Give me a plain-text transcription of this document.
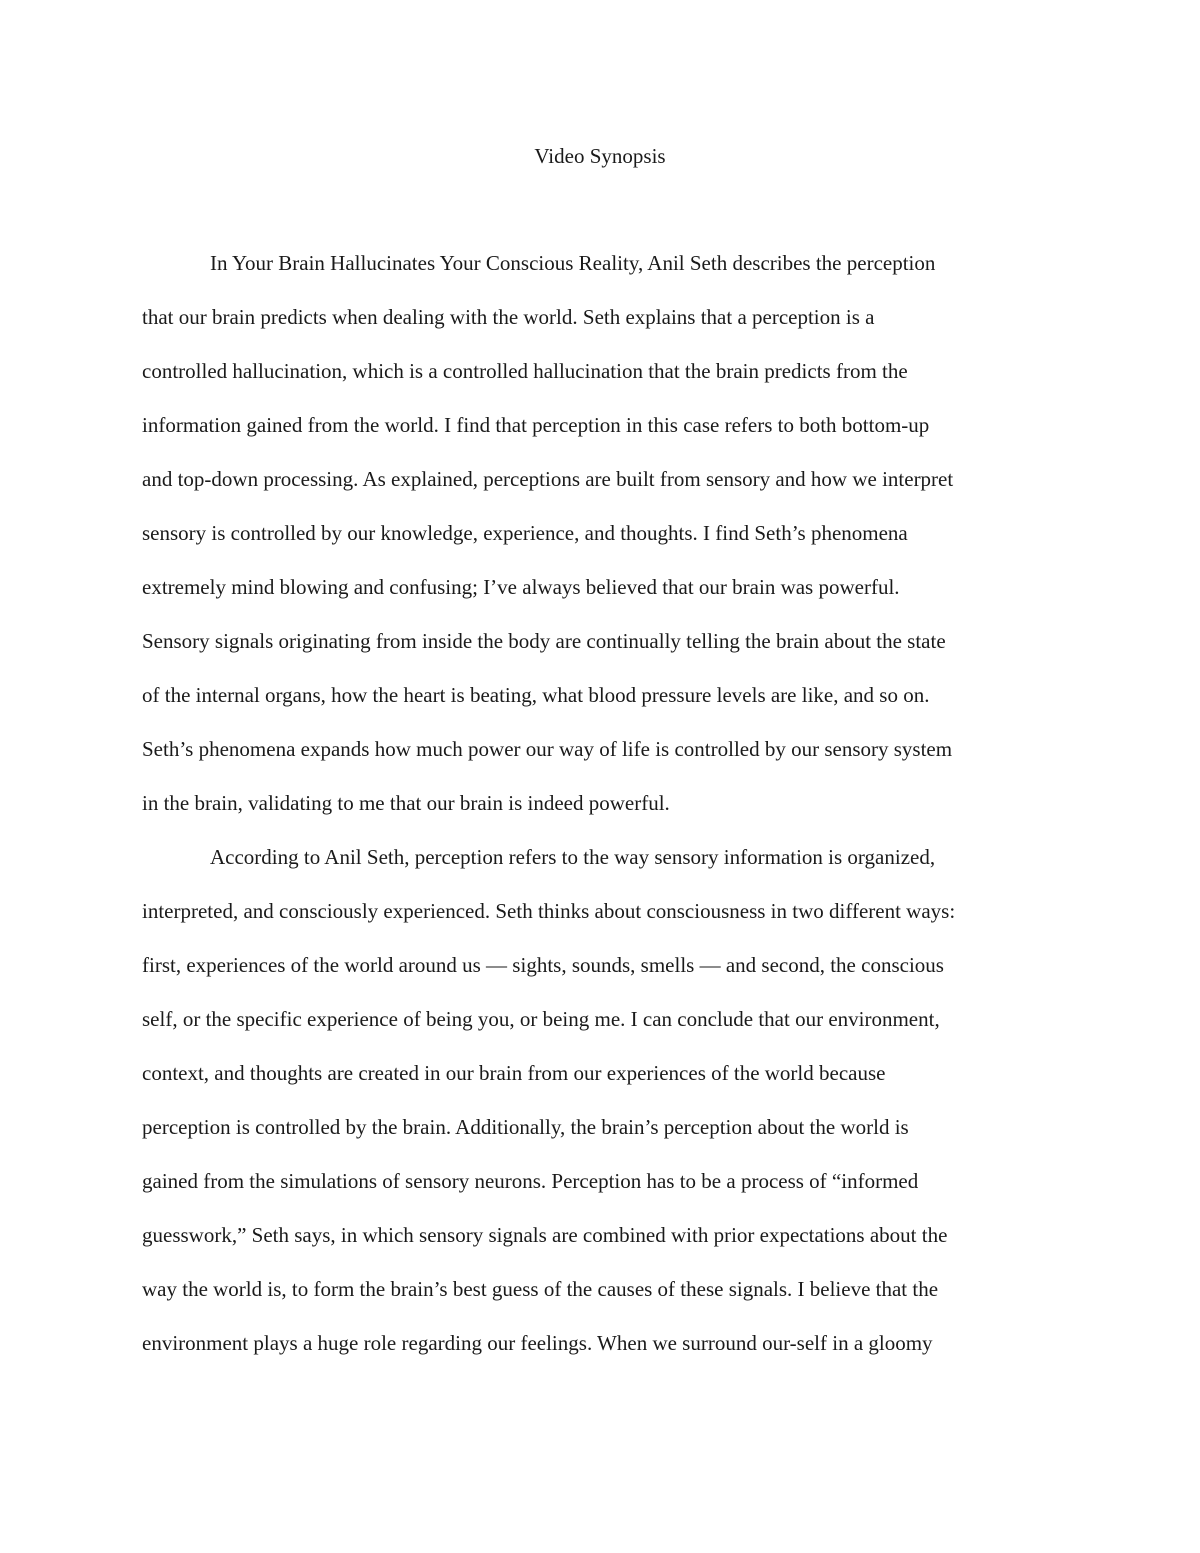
Video Synopsis
In Your Brain Hallucinates Your Conscious Reality, Anil Seth describes the perception
that our brain predicts when dealing with the world. Seth explains that a perception is a
controlled hallucination, which is a controlled hallucination that the brain predicts from the
information gained from the world. I find that perception in this case refers to both bottom-up
and top-down processing. As explained, perceptions are built from sensory and how we interpret
sensory is controlled by our knowledge, experience, and thoughts. I find Seth’s phenomena
extremely mind blowing and confusing; I’ve always believed that our brain was powerful.
Sensory signals originating from inside the body are continually telling the brain about the state
of the internal organs, how the heart is beating, what blood pressure levels are like, and so on.
Seth’s phenomena expands how much power our way of life is controlled by our sensory system
in the brain, validating to me that our brain is indeed powerful.
According to Anil Seth, perception refers to the way sensory information is organized,
interpreted, and consciously experienced. Seth thinks about consciousness in two different ways:
first, experiences of the world around us — sights, sounds, smells — and second, the conscious
self, or the specific experience of being you, or being me. I can conclude that our environment,
context, and thoughts are created in our brain from our experiences of the world because
perception is controlled by the brain. Additionally, the brain’s perception about the world is
gained from the simulations of sensory neurons. Perception has to be a process of “informed
guesswork,” Seth says, in which sensory signals are combined with prior expectations about the
way the world is, to form the brain’s best guess of the causes of these signals. I believe that the
environment plays a huge role regarding our feelings. When we surround our-self in a gloomy
